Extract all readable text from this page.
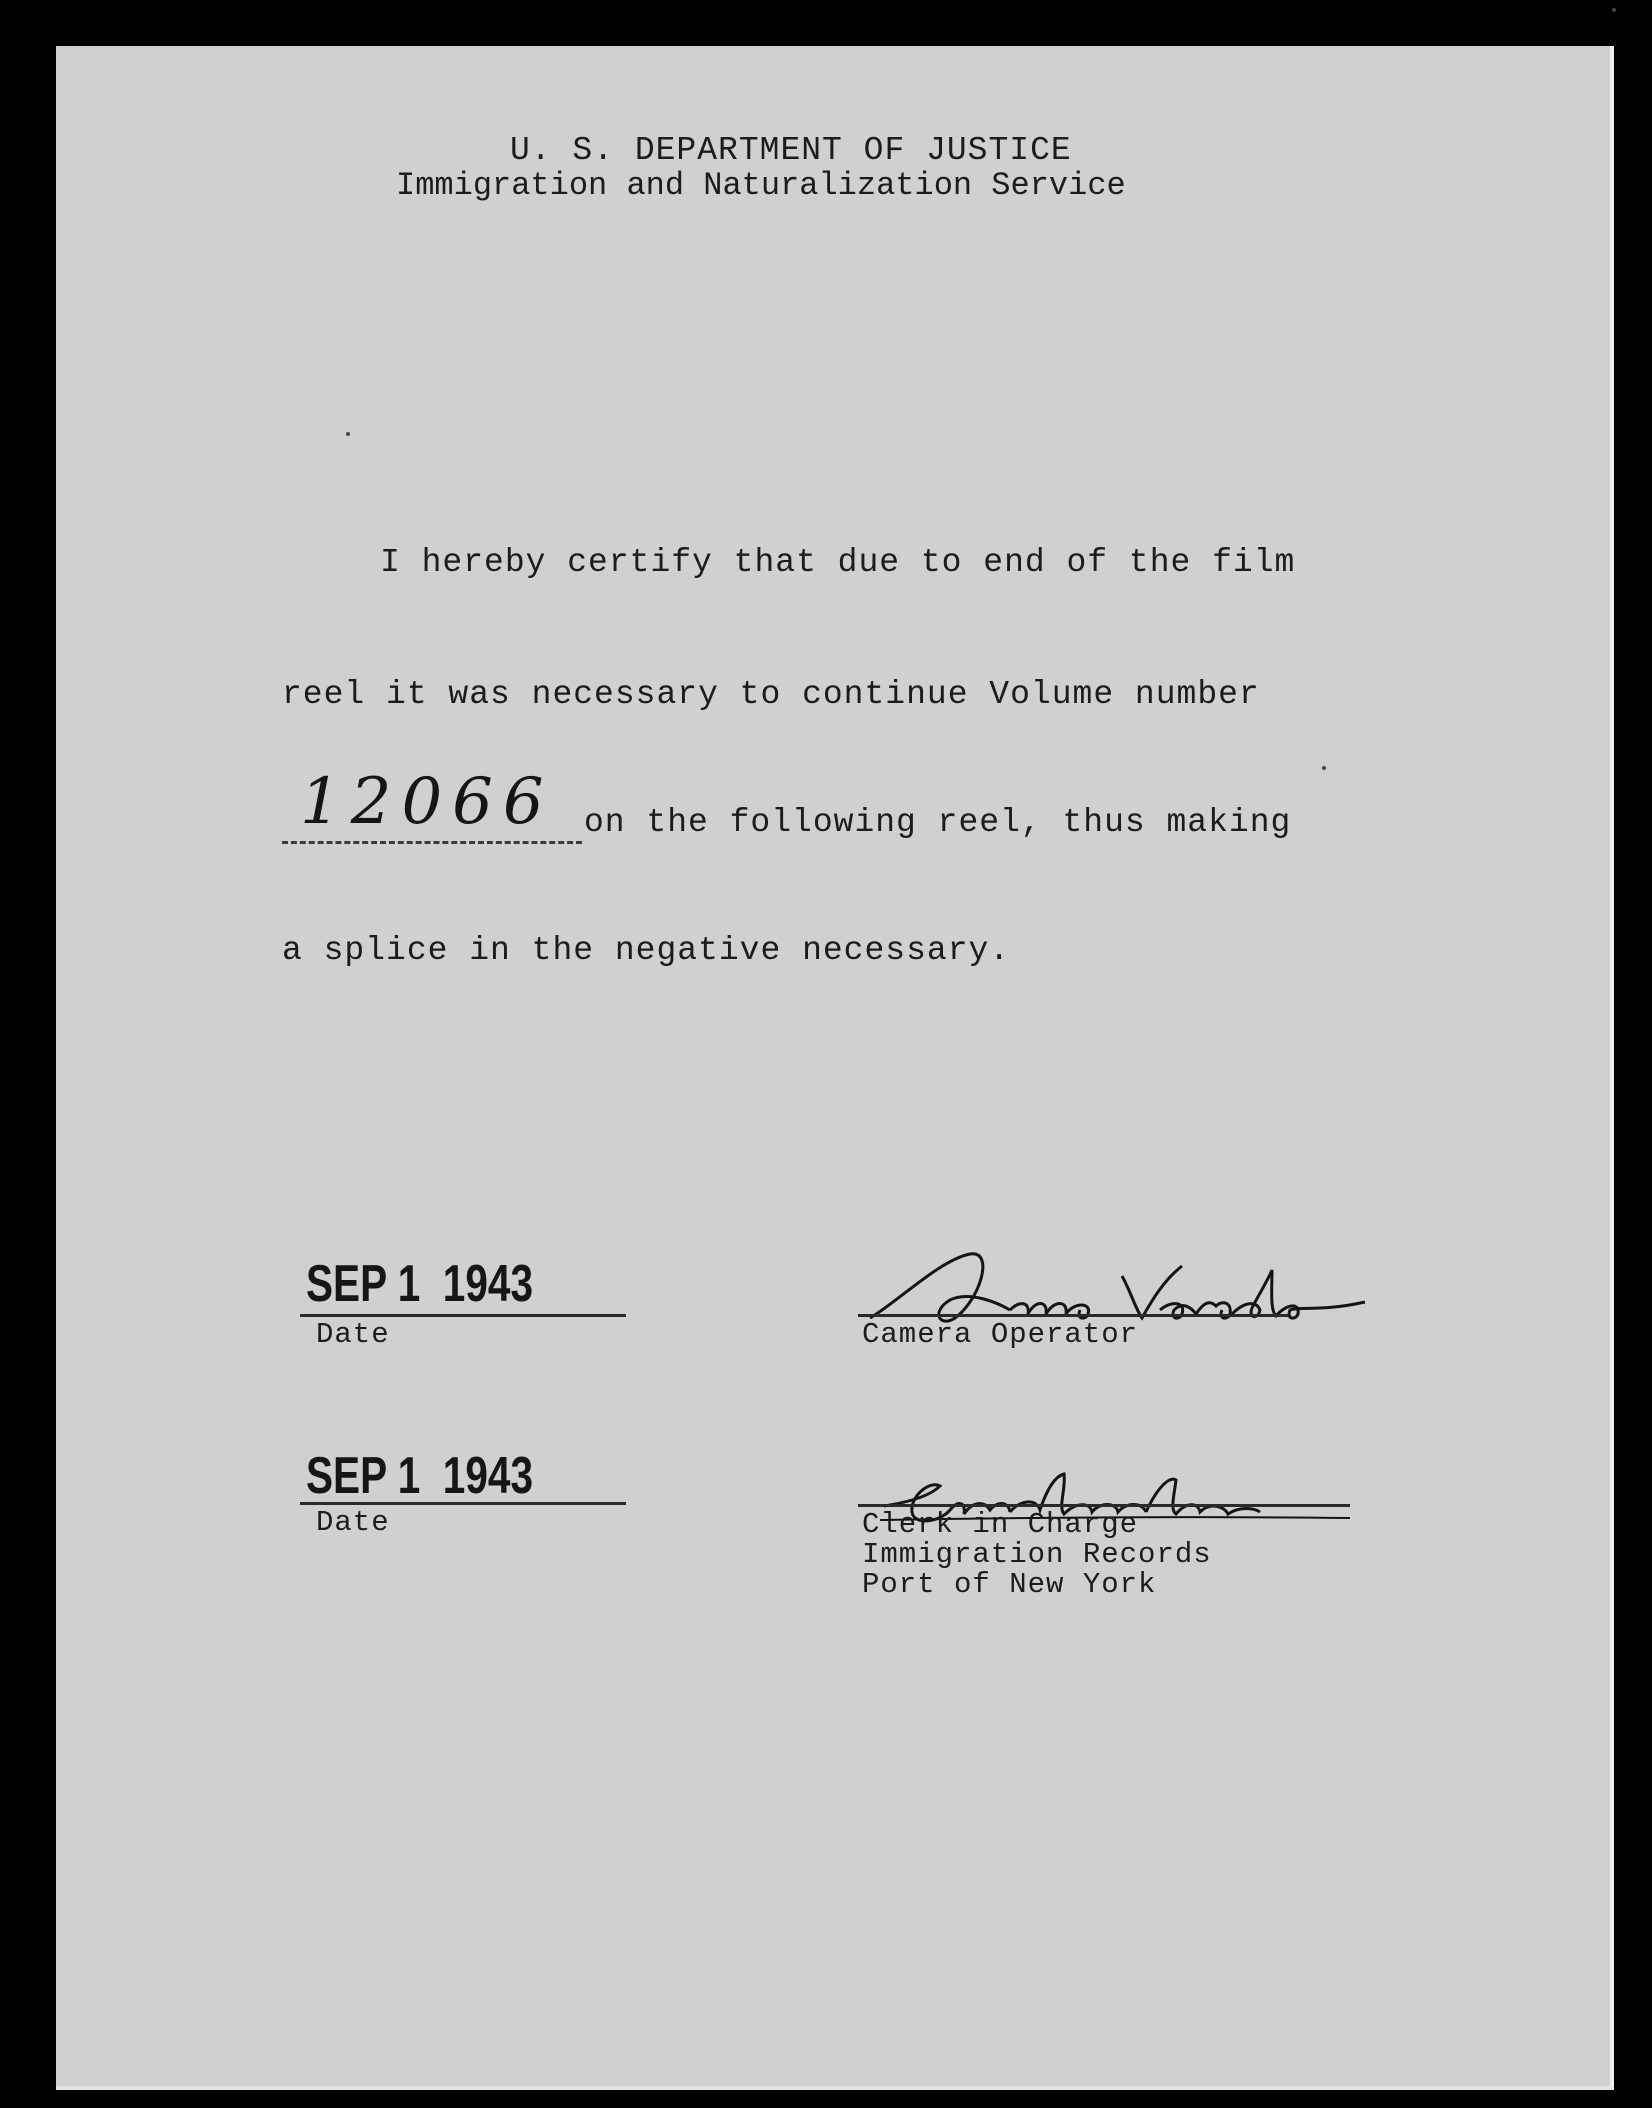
U. S. DEPARTMENT OF JUSTICE
Immigration and Naturalization Service
I hereby certify that due to end of the film
reel it was necessary to continue Volume number
12066 on the following reel, thus making
a splice in the negative necessary.
SEP 1  1943
Date
SEP 1  1943
Date
Camera Operator
Clerk in Charge
Immigration Records
Port of New York
